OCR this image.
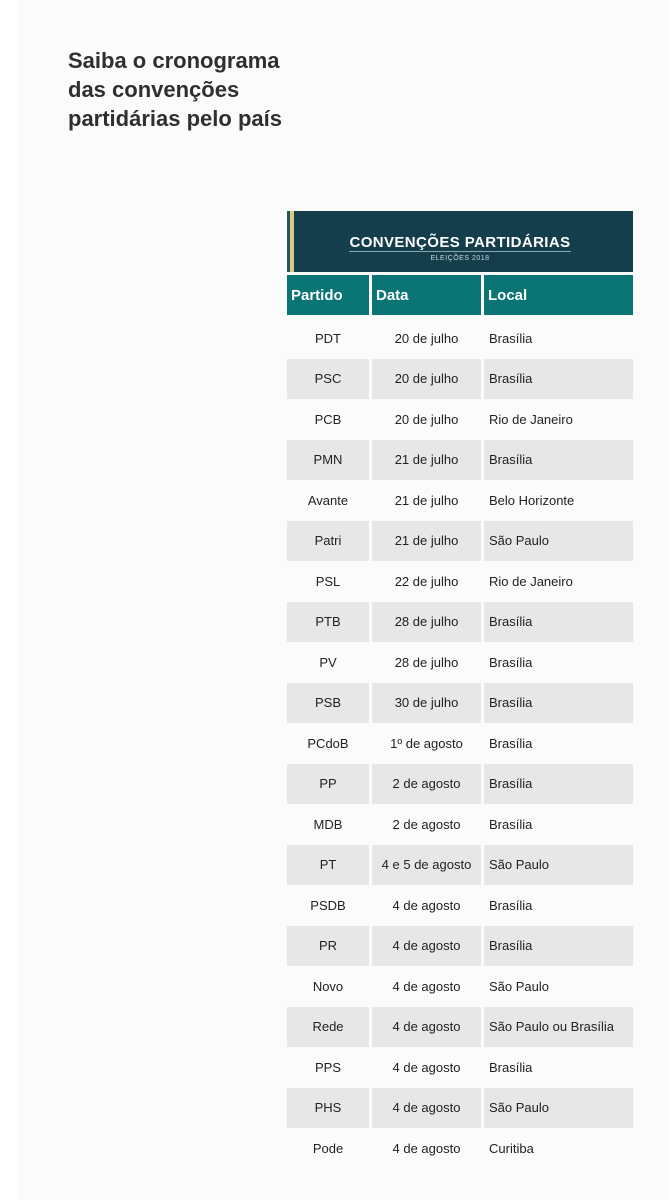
Saiba o cronograma
das convenções
partidárias pelo país
CONVENÇÕES PARTIDÁRIAS
ELEIÇÕES 2018
Partido	Data	Local
PDT	20 de julho	Brasília
PSC	20 de julho	Brasília
PCB	20 de julho	Rio de Janeiro
PMN	21 de julho	Brasília
Avante	21 de julho	Belo Horizonte
Patri	21 de julho	São Paulo
PSL	22 de julho	Rio de Janeiro
PTB	28 de julho	Brasília
PV	28 de julho	Brasília
PSB	30 de julho	Brasília
PCdoB	1º de agosto	Brasília
PP	2 de agosto	Brasília
MDB	2 de agosto	Brasília
PT	4 e 5 de agosto	São Paulo
PSDB	4 de agosto	Brasília
PR	4 de agosto	Brasília
Novo	4 de agosto	São Paulo
Rede	4 de agosto	São Paulo ou Brasília
PPS	4 de agosto	Brasília
PHS	4 de agosto	São Paulo
Pode	4 de agosto	Curitiba
